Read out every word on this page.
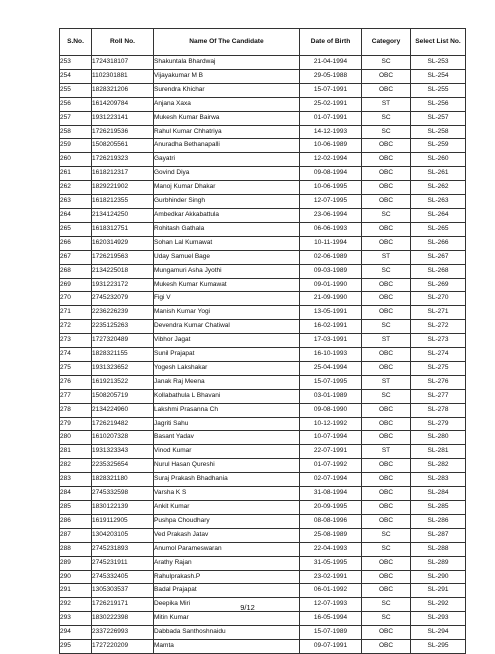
S.No.	Roll No.	Name Of The Candidate	Date of Birth	Category	Select List No.
253	1724318107	Shakuntala Bhardwaj	21-04-1994	SC	SL-253
254	1102301881	Vijayakumar M B	29-05-1988	OBC	SL-254
255	1828321206	Surendra Khichar	15-07-1991	OBC	SL-255
256	1614209784	Anjana Xaxa	25-02-1991	ST	SL-256
257	1931223141	Mukesh Kumar Bairwa	01-07-1991	SC	SL-257
258	1726219536	Rahul Kumar Chhatriya	14-12-1993	SC	SL-258
259	1508205561	Anuradha Bethanapalli	10-06-1989	OBC	SL-259
260	1726219323	Gayatri	12-02-1994	OBC	SL-260
261	1618212317	Govind Diya	09-08-1994	OBC	SL-261
262	1829221902	Manoj Kumar Dhakar	10-06-1995	OBC	SL-262
263	1618212355	Gurbhinder Singh	12-07-1995	OBC	SL-263
264	2134124250	Ambedkar Akkabattula	23-06-1994	SC	SL-264
265	1618312751	Rohitash Gathala	06-06-1993	OBC	SL-265
266	1620314929	Sohan Lal Kumawat	10-11-1994	OBC	SL-266
267	1726219563	Uday Samuel Bage	02-06-1989	ST	SL-267
268	2134225018	Mungamuri Asha Jyothi	09-03-1989	SC	SL-268
269	1931223172	Mukesh Kumar Kumawat	09-01-1990	OBC	SL-269
270	2745232079	Figi V	21-09-1990	OBC	SL-270
271	2236226239	Manish Kumar Yogi	13-05-1991	OBC	SL-271
272	2235125263	Devendra Kumar Chatiwal	16-02-1991	SC	SL-272
273	1727320489	Vibhor Jagat	17-03-1991	ST	SL-273
274	1828321155	Sunil Prajapat	16-10-1993	OBC	SL-274
275	1931323652	Yogesh Lakshakar	25-04-1994	OBC	SL-275
276	1619213522	Janak Raj Meena	15-07-1995	ST	SL-276
277	1508205719	Kollabathula L Bhavani	03-01-1989	SC	SL-277
278	2134224960	Lakshmi Prasanna Ch	09-08-1990	OBC	SL-278
279	1726219482	Jagriti Sahu	10-12-1992	OBC	SL-279
280	1610207328	Basant Yadav	10-07-1994	OBC	SL-280
281	1931323343	Vinod Kumar	22-07-1991	ST	SL-281
282	2235325654	Nurul Hasan Qureshi	01-07-1992	OBC	SL-282
283	1828321180	Suraj Prakash Bhadhania	02-07-1994	OBC	SL-283
284	2745332598	Varsha K S	31-08-1994	OBC	SL-284
285	1830122139	Ankit Kumar	20-09-1995	OBC	SL-285
286	1619112905	Pushpa Choudhary	08-08-1996	OBC	SL-286
287	1304203105	Ved Prakash Jatav	25-08-1989	SC	SL-287
288	2745231893	Anumol Parameswaran	22-04-1993	SC	SL-288
289	2745231911	Arathy Rajan	31-05-1995	OBC	SL-289
290	2745332405	Rahulprakash.P	23-02-1991	OBC	SL-290
291	1305303537	Badal Prajapat	06-01-1992	OBC	SL-291
292	1726219171	Deepika Miri	12-07-1993	SC	SL-292
293	1830222398	Mitin Kumar	16-05-1994	SC	SL-293
294	2337226993	Dabbada Santhoshnaidu	15-07-1989	OBC	SL-294
295	1727220209	Mamta	09-07-1991	OBC	SL-295
9/12
